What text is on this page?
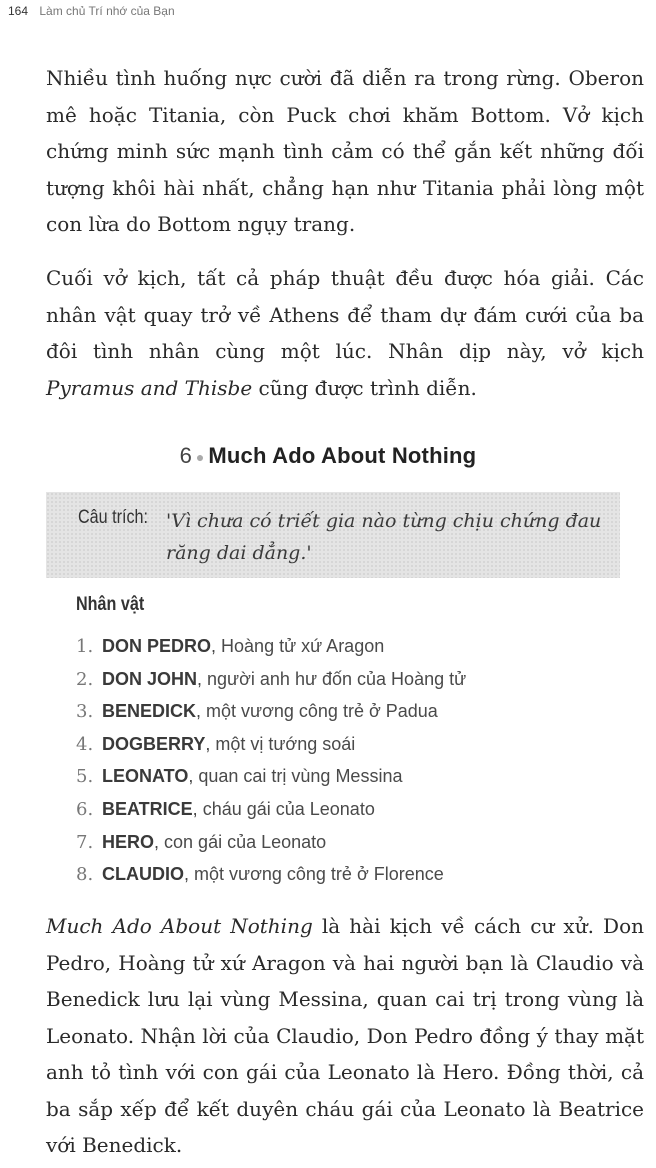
164 Làm chủ Trí nhớ của Bạn

Nhiều tình huống nực cười đã diễn ra trong rừng. Oberon mê hoặc Titania, còn Puck chơi khăm Bottom. Vở kịch chứng minh sức mạnh tình cảm có thể gắn kết những đối tượng khôi hài nhất, chẳng hạn như Titania phải lòng một con lừa do Bottom ngụy trang.

Cuối vở kịch, tất cả pháp thuật đều được hóa giải. Các nhân vật quay trở về Athens để tham dự đám cưới của ba đôi tình nhân cùng một lúc. Nhân dịp này, vở kịch Pyramus and Thisbe cũng được trình diễn.

6 ● Much Ado About Nothing
Câu trích: 'Vì chưa có triết gia nào từng chịu chứng đau răng dai dẳng.'
Nhân vật
1. DON PEDRO, Hoàng tử xứ Aragon
2. DON JOHN, người anh hư đốn của Hoàng tử
3. BENEDICK, một vương công trẻ ở Padua
4. DOGBERRY, một vị tướng soái
5. LEONATO, quan cai trị vùng Messina
6. BEATRICE, cháu gái của Leonato
7. HERO, con gái của Leonato
8. CLAUDIO, một vương công trẻ ở Florence

Much Ado About Nothing là hài kịch về cách cư xử. Don Pedro, Hoàng tử xứ Aragon và hai người bạn là Claudio và Benedick lưu lại vùng Messina, quan cai trị trong vùng là Leonato. Nhận lời của Claudio, Don Pedro đồng ý thay mặt anh tỏ tình với con gái của Leonato là Hero. Đồng thời, cả ba sắp xếp để kết duyên cháu gái của Leonato là Beatrice với Benedick.
